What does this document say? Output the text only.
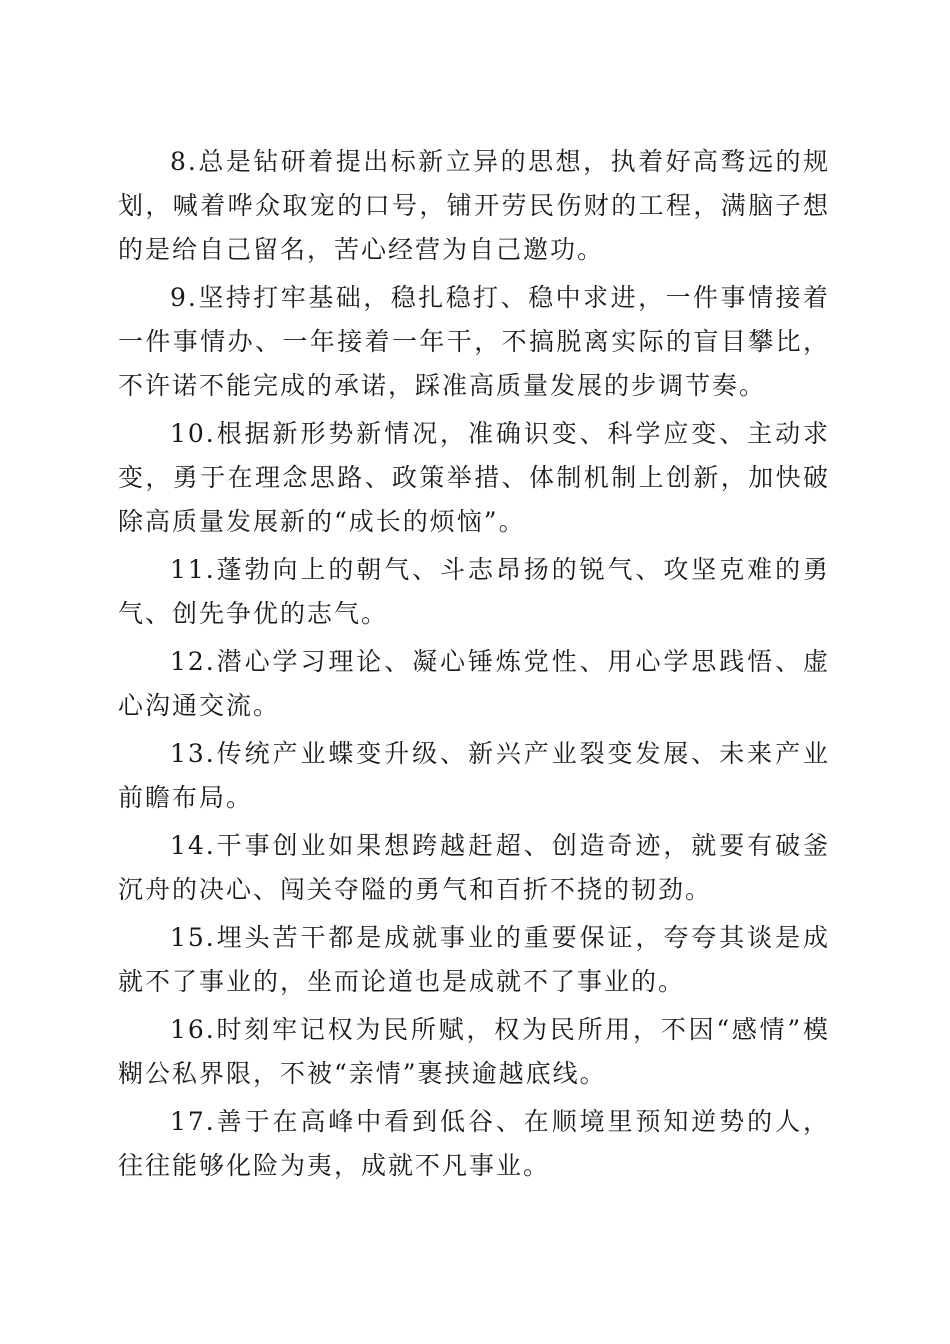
8.总是钻研着提出标新立异的思想，执着好高骛远的规划，喊着哗众取宠的口号，铺开劳民伤财的工程，满脑子想的是给自己留名，苦心经营为自己邀功。

9.坚持打牢基础，稳扎稳打、稳中求进，一件事情接着一件事情办、一年接着一年干，不搞脱离实际的盲目攀比，不许诺不能完成的承诺，踩准高质量发展的步调节奏。

10.根据新形势新情况，准确识变、科学应变、主动求变，勇于在理念思路、政策举措、体制机制上创新，加快破除高质量发展新的“成长的烦恼”。

11.蓬勃向上的朝气、斗志昂扬的锐气、攻坚克难的勇气、创先争优的志气。

12.潜心学习理论、凝心锤炼党性、用心学思践悟、虚心沟通交流。

13.传统产业蝶变升级、新兴产业裂变发展、未来产业前瞻布局。

14.干事创业如果想跨越赶超、创造奇迹，就要有破釜沉舟的决心、闯关夺隘的勇气和百折不挠的韧劲。

15.埋头苦干都是成就事业的重要保证，夸夸其谈是成就不了事业的，坐而论道也是成就不了事业的。

16.时刻牢记权为民所赋，权为民所用，不因“感情”模糊公私界限，不被“亲情”裹挟逾越底线。

17.善于在高峰中看到低谷、在顺境里预知逆势的人，往往能够化险为夷，成就不凡事业。
